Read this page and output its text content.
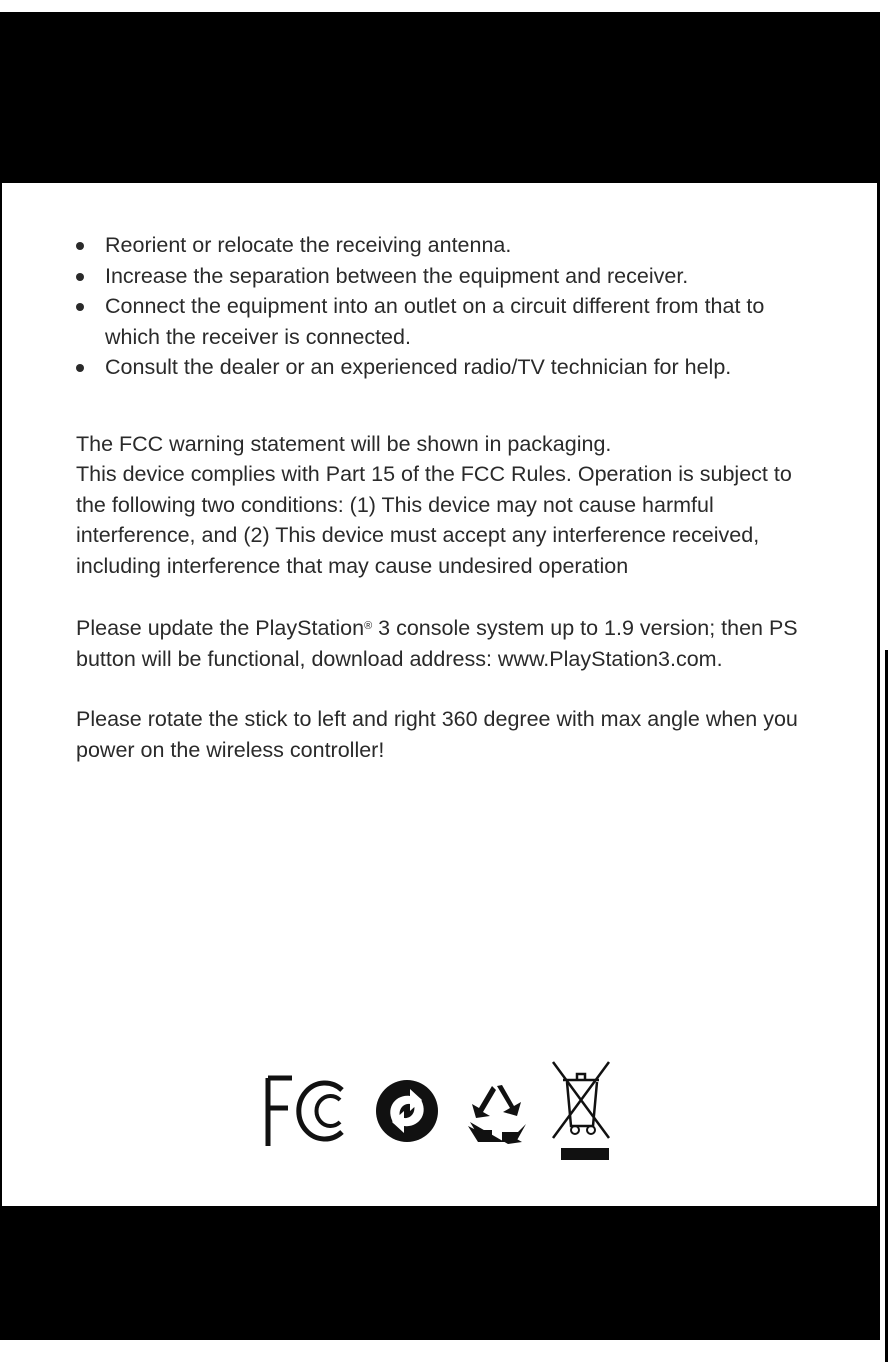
Reorient or relocate the receiving antenna.
Increase the separation between the equipment and receiver.
Connect the equipment into an outlet on a circuit different from that to which the receiver is connected.
Consult the dealer or an experienced radio/TV technician for help.
The FCC warning statement will be shown in packaging.
This device complies with Part 15 of the FCC Rules. Operation is subject to the following two conditions: (1) This device may not cause harmful interference, and (2) This device must accept any interference received, including interference that may cause undesired operation
Please update the PlayStation® 3 console system up to 1.9 version; then PS button will be functional, download address: www.PlayStation3.com.
Please rotate the stick to left and right 360 degree with max angle when you power on the wireless controller!
